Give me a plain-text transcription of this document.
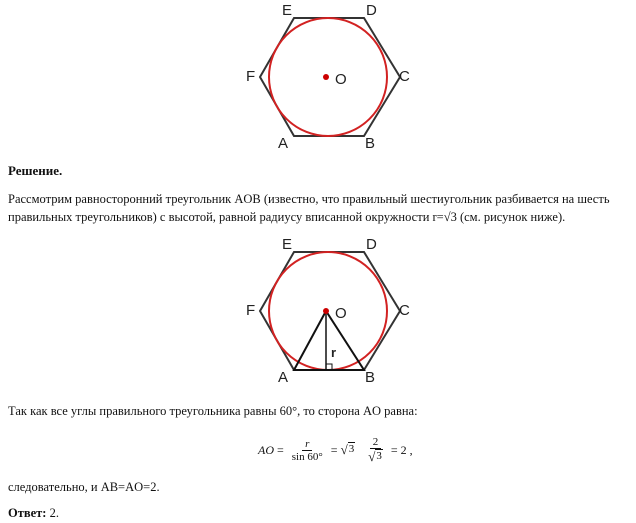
E	D
F	O	C
A	B
Решение.
Рассмотрим равносторонний треугольник AOB (известно, что правильный шестиугольник разбивается на шесть правильных треугольников) с высотой, равной радиусу вписанной окружности r=√3 (см. рисунок ниже).
E	D
F	O	C
A	B
r
Так как все углы правильного треугольника равны 60°, то сторона AO равна:
AO = $\frac{r}{\sin 60^\circ}$ = √ $3 \frac{2}{√ 3} = 2$ ,
следовательно, и AB=AO=2.
Ответ: 2.
